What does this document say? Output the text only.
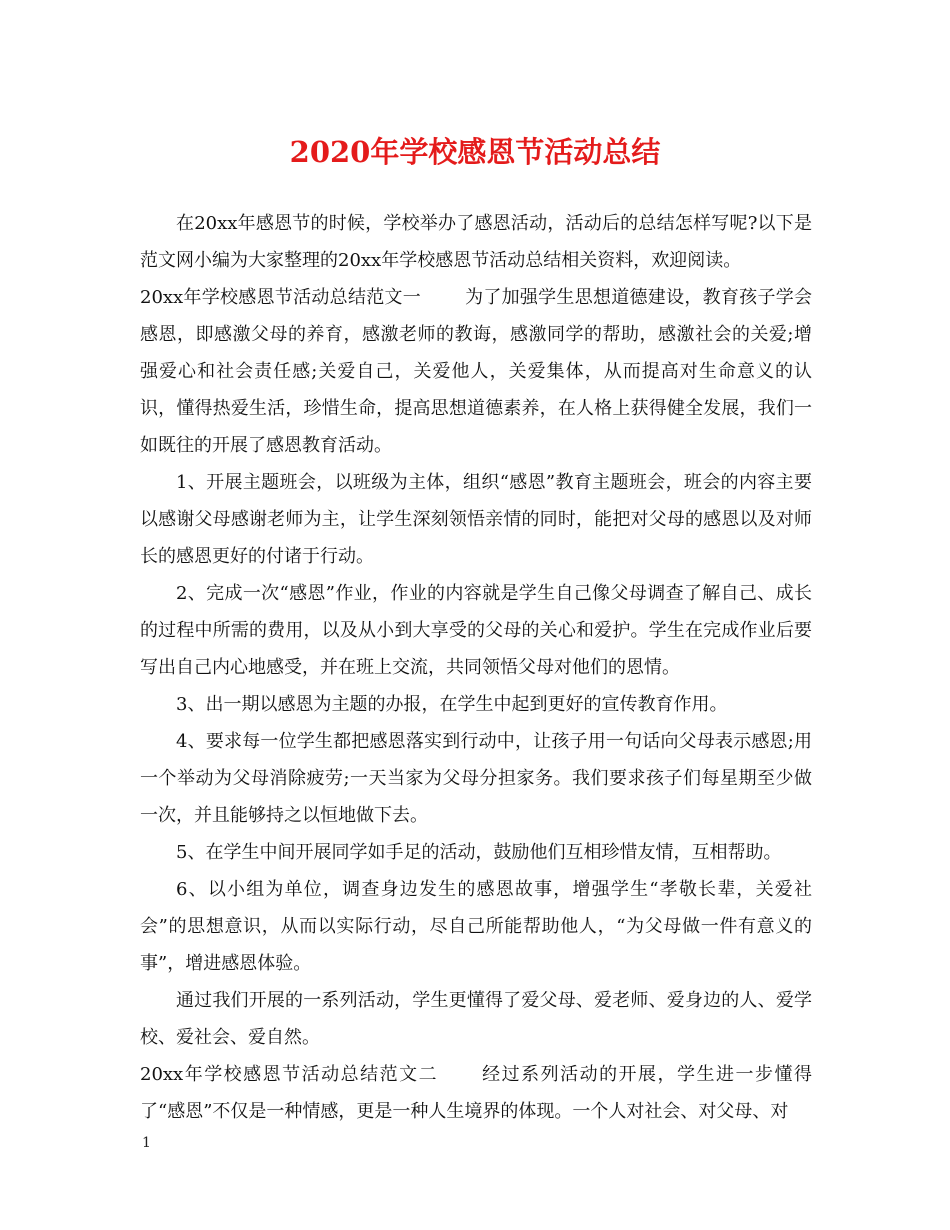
2020年学校感恩节活动总结

在20xx年感恩节的时候，学校举办了感恩活动，活动后的总结怎样写呢?以下是范文网小编为大家整理的20xx年学校感恩节活动总结相关资料，欢迎阅读。

20xx年学校感恩节活动总结范文一 为了加强学生思想道德建设，教育孩子学会感恩，即感激父母的养育，感激老师的教诲，感激同学的帮助，感激社会的关爱;增强爱心和社会责任感;关爱自己，关爱他人，关爱集体，从而提高对生命意义的认识，懂得热爱生活，珍惜生命，提高思想道德素养，在人格上获得健全发展，我们一如既往的开展了感恩教育活动。

1、开展主题班会，以班级为主体，组织“感恩”教育主题班会，班会的内容主要以感谢父母感谢老师为主，让学生深刻领悟亲情的同时，能把对父母的感恩以及对师长的感恩更好的付诸于行动。

2、完成一次“感恩”作业，作业的内容就是学生自己像父母调查了解自己、成长的过程中所需的费用，以及从小到大享受的父母的关心和爱护。学生在完成作业后要写出自己内心地感受，并在班上交流，共同领悟父母对他们的恩情。

3、出一期以感恩为主题的办报，在学生中起到更好的宣传教育作用。

4、要求每一位学生都把感恩落实到行动中，让孩子用一句话向父母表示感恩;用一个举动为父母消除疲劳;一天当家为父母分担家务。我们要求孩子们每星期至少做一次，并且能够持之以恒地做下去。

5、在学生中间开展同学如手足的活动，鼓励他们互相珍惜友情，互相帮助。

6、以小组为单位，调查身边发生的感恩故事，增强学生“孝敬长辈，关爱社会”的思想意识，从而以实际行动，尽自己所能帮助他人，“为父母做一件有意义的事”，增进感恩体验。

通过我们开展的一系列活动，学生更懂得了爱父母、爱老师、爱身边的人、爱学校、爱社会、爱自然。

20xx年学校感恩节活动总结范文二 经过系列活动的开展，学生进一步懂得了“感恩”不仅是一种情感，更是一种人生境界的体现。一个人对社会、对父母、对

1
